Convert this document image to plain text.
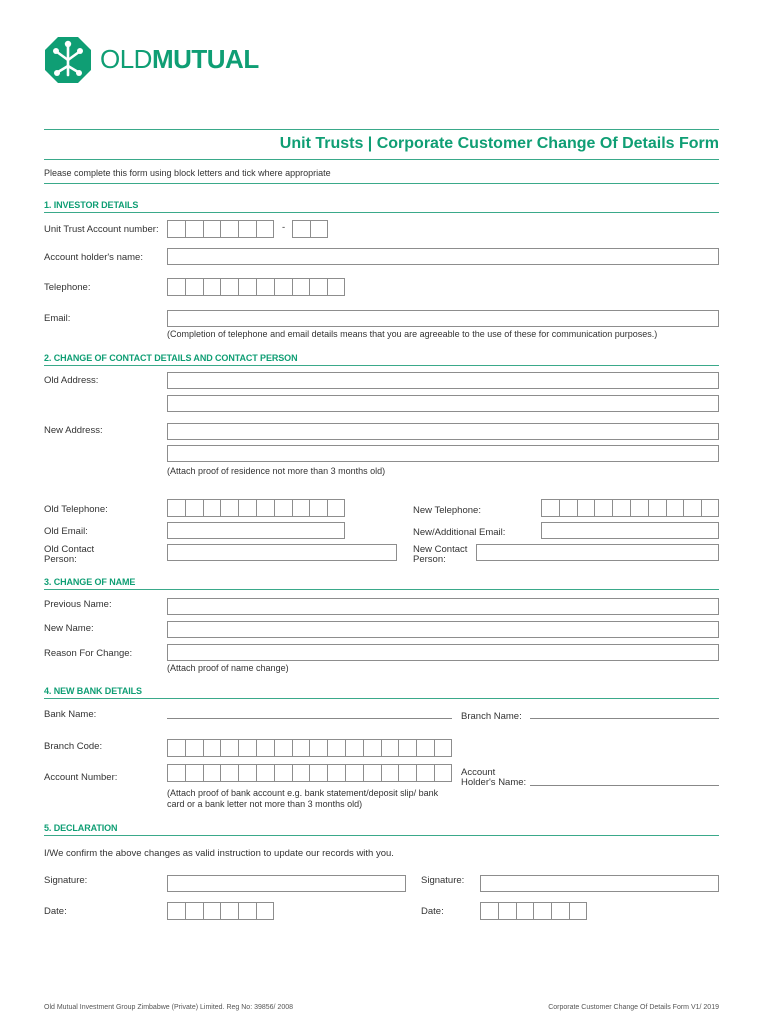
OLDMUTUAL
Unit Trusts | Corporate Customer Change Of Details Form
Please complete this form using block letters and tick where appropriate
1. INVESTOR DETAILS
Unit Trust Account number:	-
Account holder's name:
Telephone:
Email:
(Completion of telephone and email details means that you are agreeable to the use of these for communication purposes.)
2. CHANGE OF CONTACT DETAILS AND CONTACT PERSON
Old Address:
New Address:
(Attach proof of residence not more than 3 months old)
Old Telephone:	New Telephone:
Old Email:	New/Additional Email:
Old Contact
Person:
New Contact
Person:
3. CHANGE OF NAME
Previous Name:
New Name:
Reason For Change:
(Attach proof of name change)
4. NEW BANK DETAILS
Bank Name:	Branch Name:
Branch Code:
Account Number:	Account
Holder's Name:
(Attach proof of bank account e.g. bank statement/deposit slip/ bank
card or a bank letter not more than 3 months old)
5. DECLARATION
I/We confirm the above changes as valid instruction to update our records with you.
Signature:	Signature:
Date:	Date:
Old Mutual Investment Group Zimbabwe (Private) Limited. Reg No: 39856/ 2008	Corporate Customer Change Of Details Form V1/ 2019
